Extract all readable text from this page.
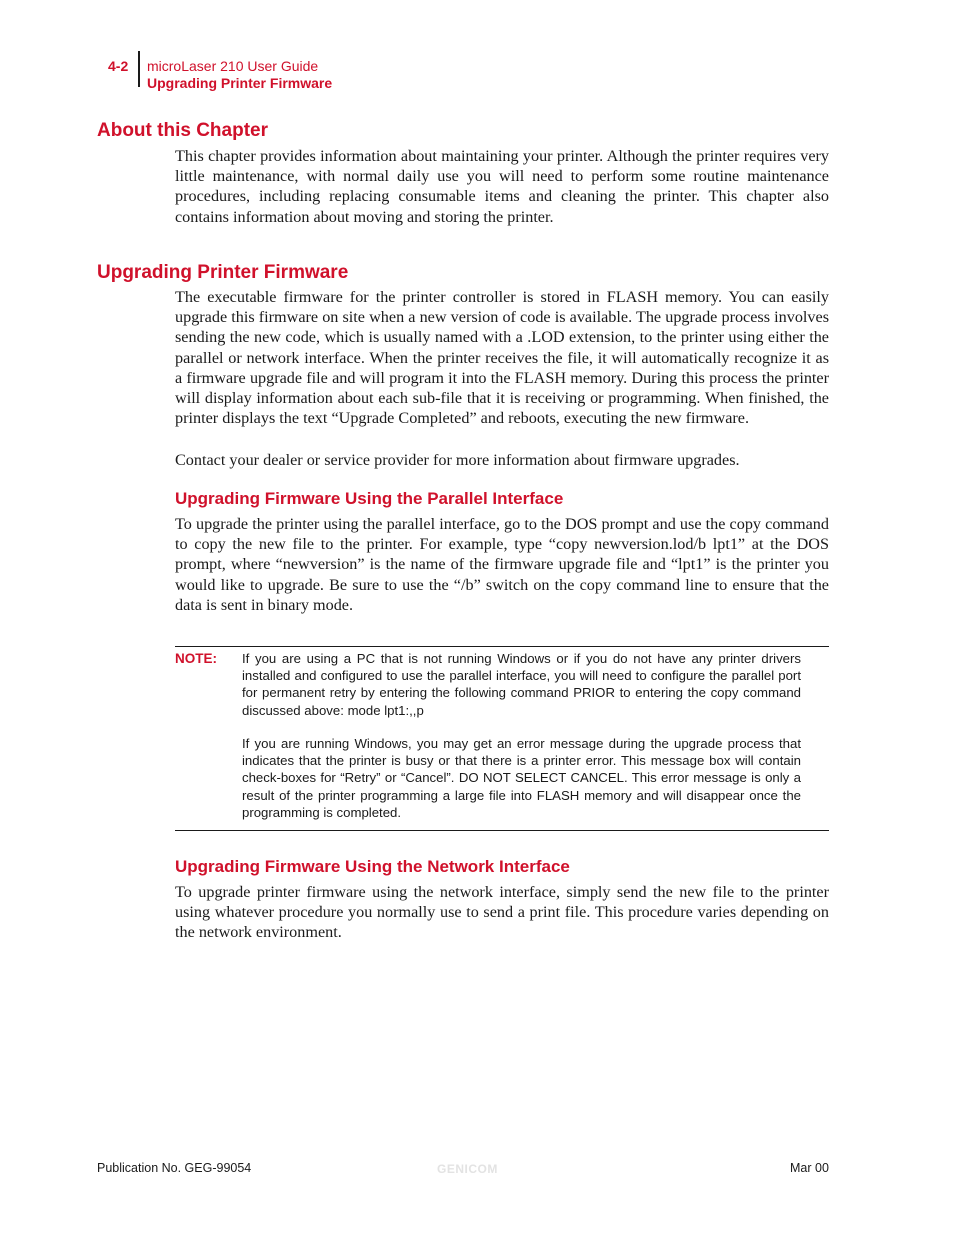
4-2 microLaser 210 User Guide
Upgrading Printer Firmware
About this Chapter

This chapter provides information about maintaining your printer. Although the printer requires very little maintenance, with normal daily use you will need to perform some routine maintenance procedures, including replacing consumable items and cleaning the printer. This chapter also contains information about moving and storing the printer.

Upgrading Printer Firmware

The executable firmware for the printer controller is stored in FLASH memory. You can easily upgrade this firmware on site when a new version of code is available. The upgrade process involves sending the new code, which is usually named with a .LOD extension, to the printer using either the parallel or network interface. When the printer receives the file, it will automatically recognize it as a firmware upgrade file and will program it into the FLASH memory. During this process the printer will display information about each sub-file that it is receiving or programming. When finished, the printer displays the text “Upgrade Completed” and reboots, executing the new firmware.

Contact your dealer or service provider for more information about firmware upgrades.

Upgrading Firmware Using the Parallel Interface

To upgrade the printer using the parallel interface, go to the DOS prompt and use the copy command to copy the new file to the printer. For example, type “copy newversion.lod/b lpt1” at the DOS prompt, where “newversion” is the name of the firmware upgrade file and “lpt1” is the printer you would like to upgrade. Be sure to use the “/b” switch on the copy command line to ensure that the data is sent in binary mode.

NOTE: If you are using a PC that is not running Windows or if you do not have any printer drivers installed and configured to use the parallel interface, you will need to configure the parallel port for permanent retry by entering the following command PRIOR to entering the copy command discussed above: mode lpt1:,,p

If you are running Windows, you may get an error message during the upgrade process that indicates that the printer is busy or that there is a printer error. This message box will contain check-boxes for “Retry” or “Cancel”. DO NOT SELECT CANCEL. This error message is only a result of the printer programming a large file into FLASH memory and will disappear once the programming is completed.

Upgrading Firmware Using the Network Interface

To upgrade printer firmware using the network interface, simply send the new file to the printer using whatever procedure you normally use to send a print file. This procedure varies depending on the network environment.

Publication No. GEG-99054	GENICOM	Mar 00
